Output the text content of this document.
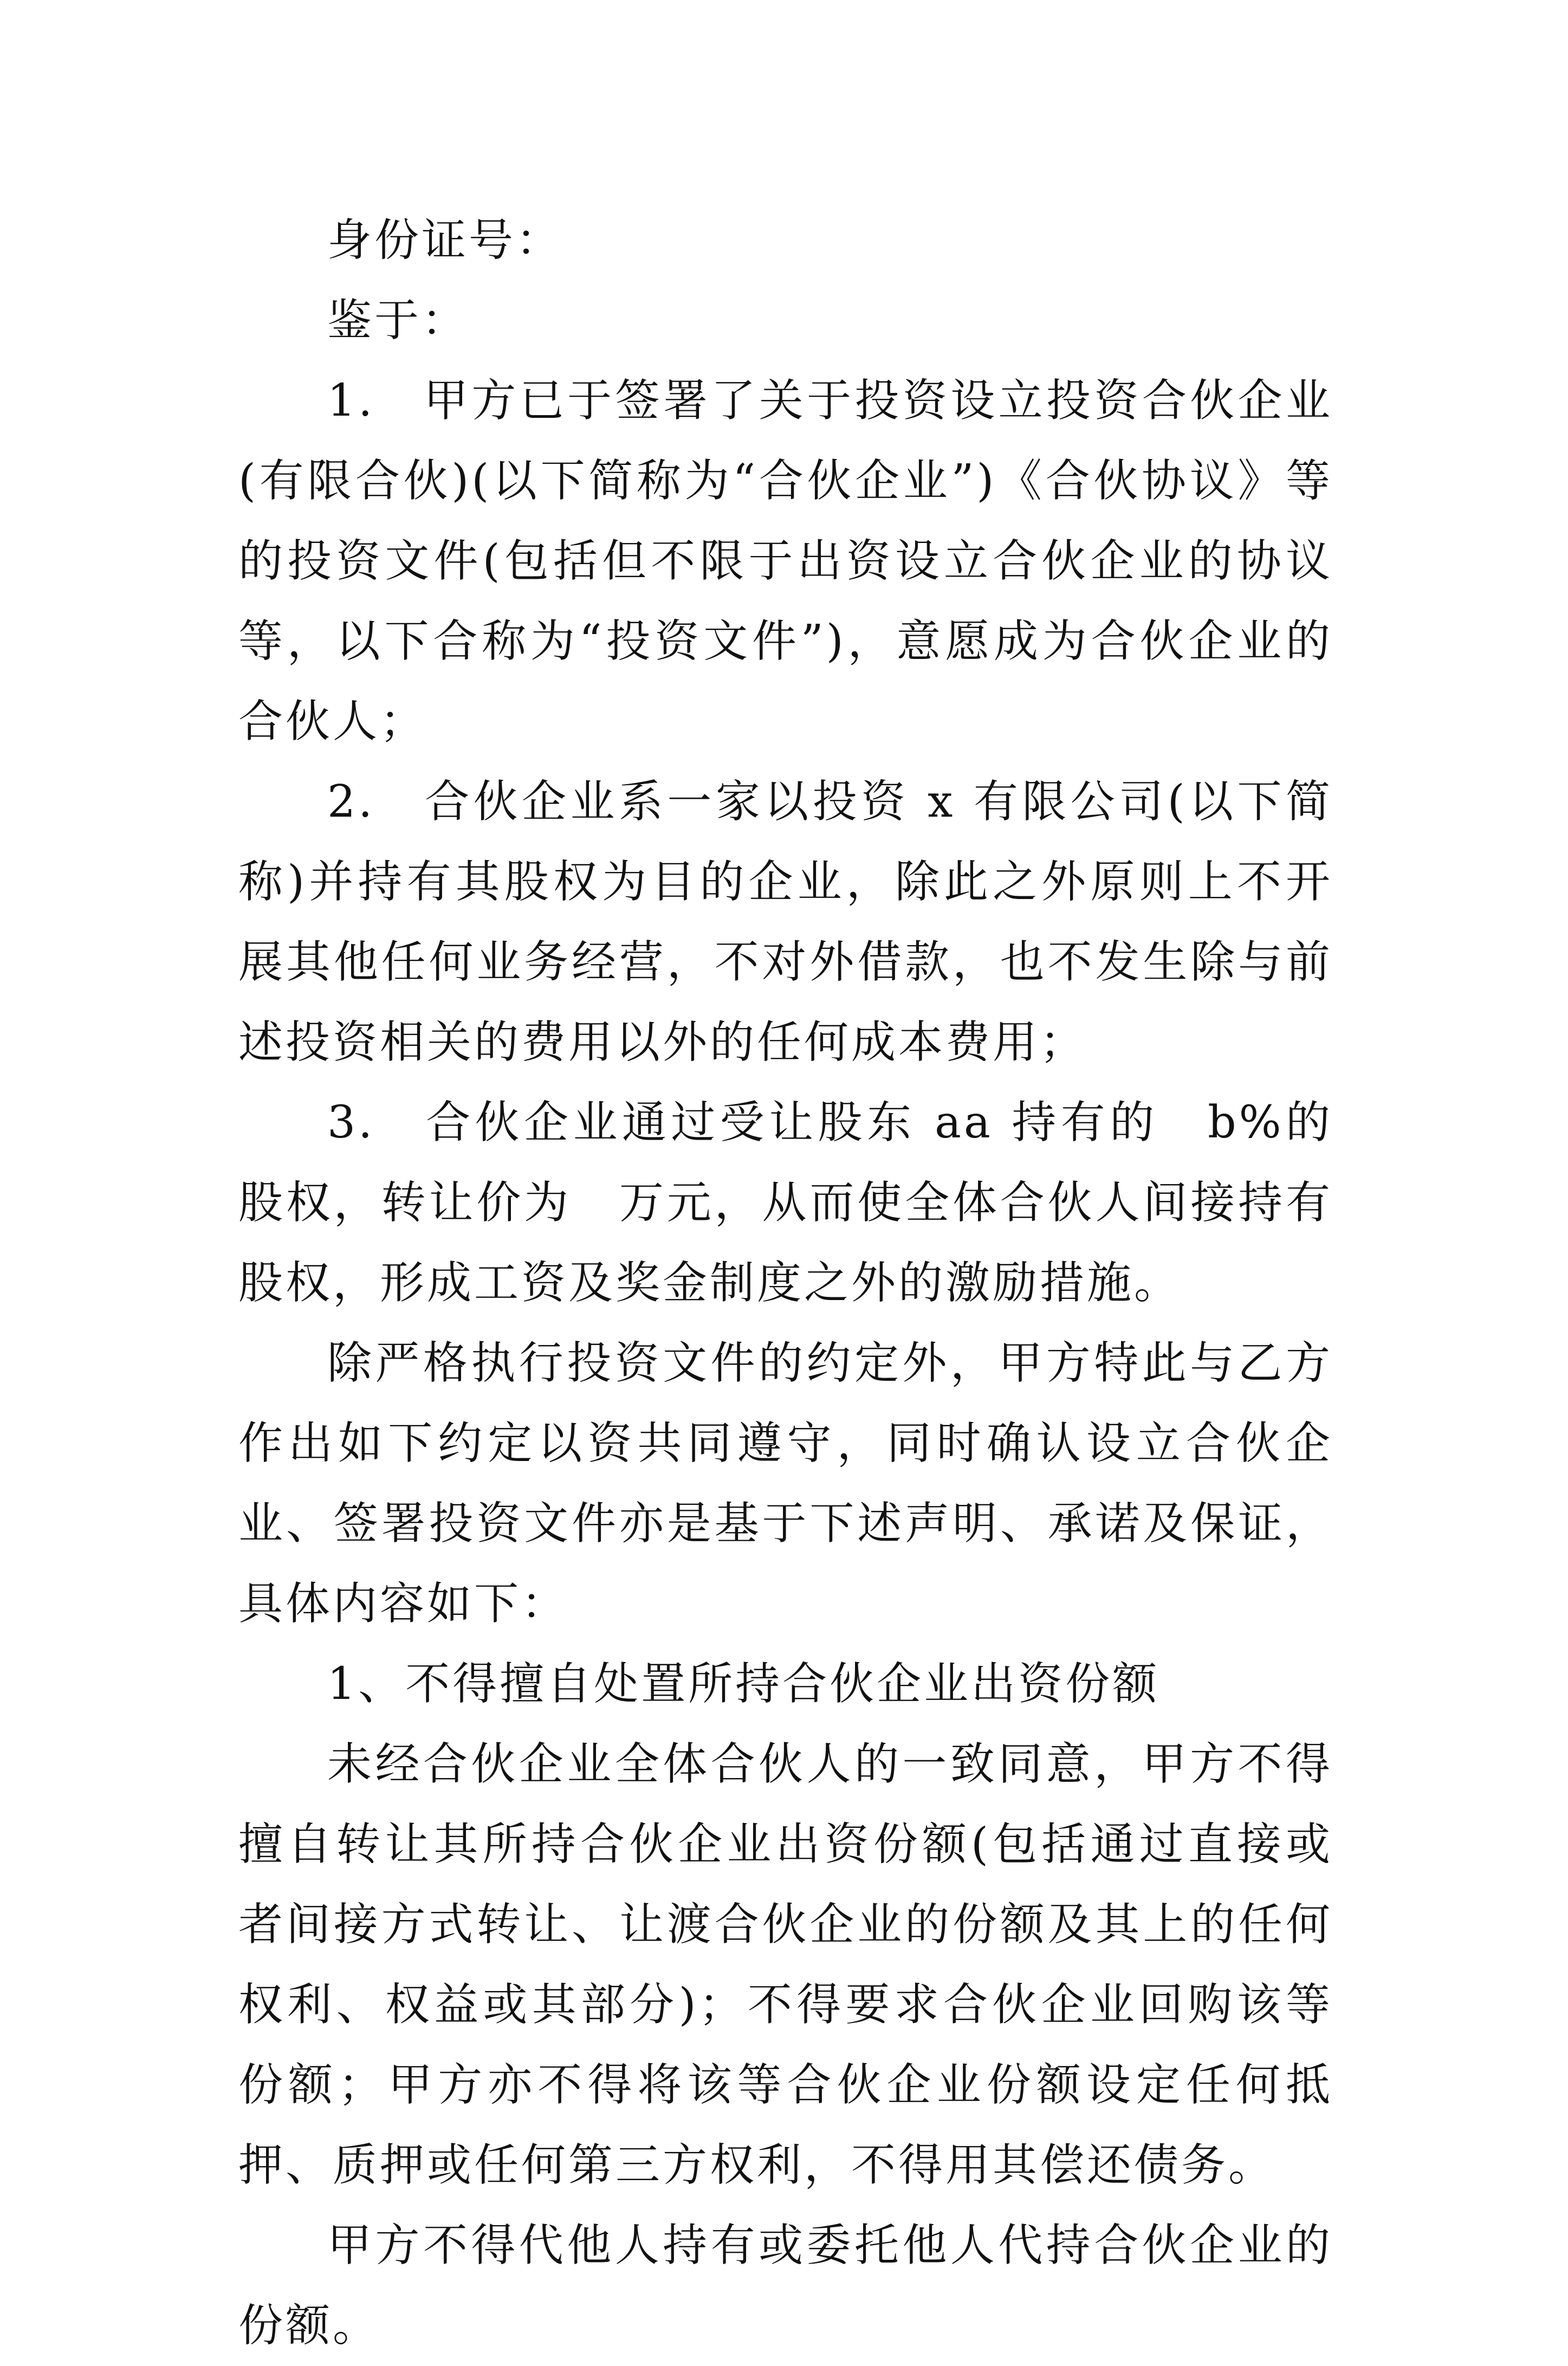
身份证号：

鉴于：

1.　甲方已于签署了关于投资设立投资合伙企业(有限合伙)(以下简称为“合伙企业”)《合伙协议》等的投资文件(包括但不限于出资设立合伙企业的协议等，以下合称为“投资文件”)，意愿成为合伙企业的合伙人；

2.　合伙企业系一家以投资 x 有限公司(以下简称)并持有其股权为目的企业，除此之外原则上不开展其他任何业务经营，不对外借款，也不发生除与前述投资相关的费用以外的任何成本费用；

3.　合伙企业通过受让股东 aa 持有的　b%的股权，转让价为　万元，从而使全体合伙人间接持有股权，形成工资及奖金制度之外的激励措施。

除严格执行投资文件的约定外，甲方特此与乙方作出如下约定以资共同遵守，同时确认设立合伙企业、签署投资文件亦是基于下述声明、承诺及保证，具体内容如下：

1、不得擅自处置所持合伙企业出资份额

未经合伙企业全体合伙人的一致同意，甲方不得擅自转让其所持合伙企业出资份额(包括通过直接或者间接方式转让、让渡合伙企业的份额及其上的任何权利、权益或其部分)；不得要求合伙企业回购该等份额；甲方亦不得将该等合伙企业份额设定任何抵押、质押或任何第三方权利，不得用其偿还债务。

甲方不得代他人持有或委托他人代持合伙企业的份额。
